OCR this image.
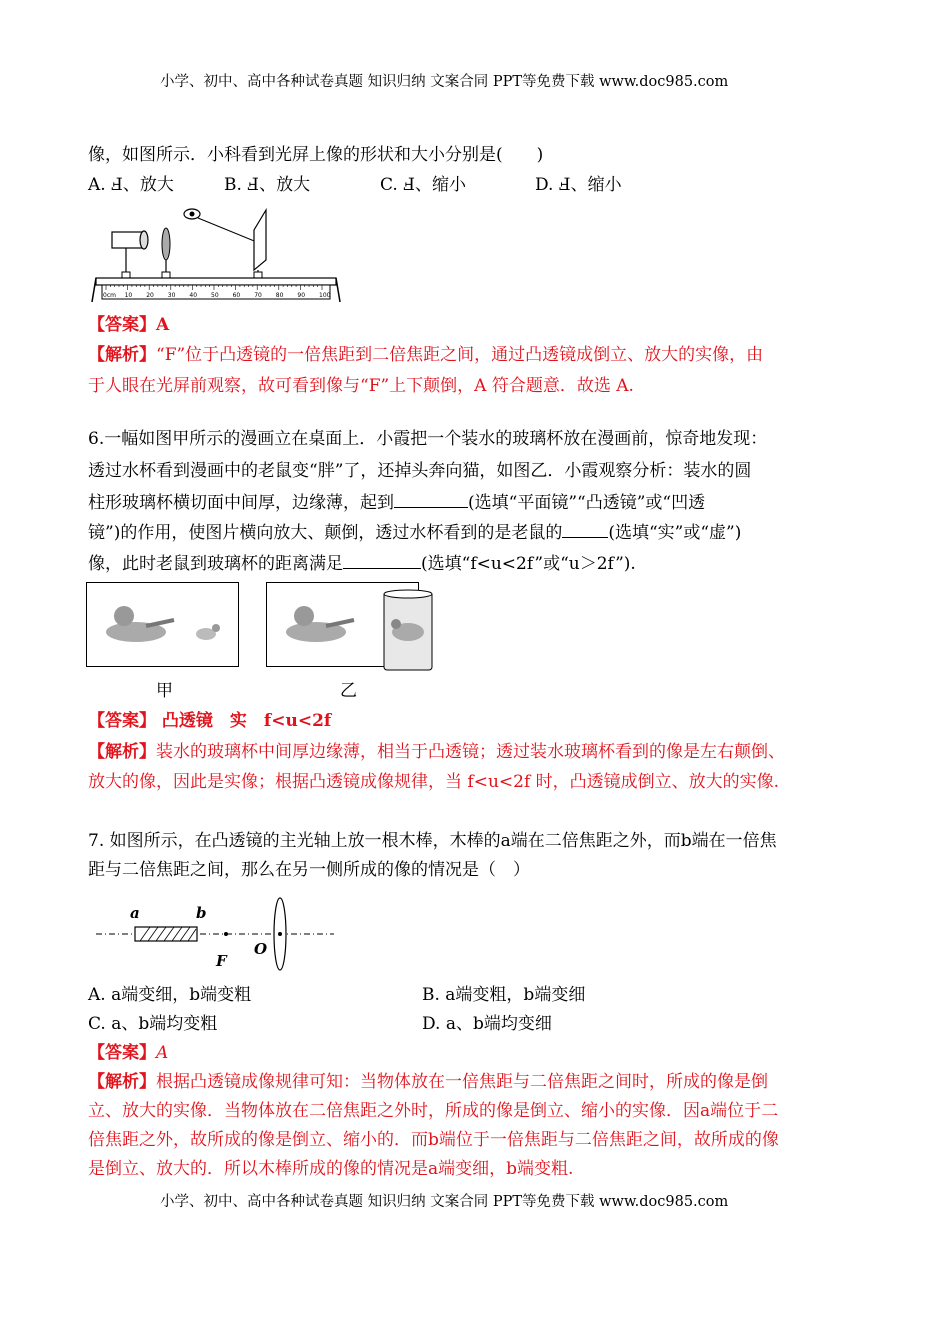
小学、初中、高中各种试卷真题 知识归纳 文案合同 PPT等免费下载 www.doc985.com
像，如图所示．小科看到光屏上像的形状和大小分别是(　　)
A. Ⅎ、放大	B. Ⅎ、放大	C. Ⅎ、缩小	D. Ⅎ、缩小
0cm 10 20 30 40 50 60 70 80 90 100
【答案】A
【解析】“F”位于凸透镜的一倍焦距到二倍焦距之间，通过凸透镜成倒立、放大的实像，由
于人眼在光屏前观察，故可看到像与“F”上下颠倒，A 符合题意．故选 A.
6.一幅如图甲所示的漫画立在桌面上．小霞把一个装水的玻璃杯放在漫画前，惊奇地发现：
透过水杯看到漫画中的老鼠变“胖”了，还掉头奔向猫，如图乙．小霞观察分析：装水的圆
柱形玻璃杯横切面中间厚，边缘薄，起到	(选填“平面镜”“凸透镜”或“凹透
镜”)的作用，使图片横向放大、颠倒，透过水杯看到的是老鼠的	(选填“实”或“虚”)
像，此时老鼠到玻璃杯的距离满足	(选填“f<u<2f”或“u＞2f”).
甲	乙
【答案】 凸透镜　实　f<u<2f
【解析】装水的玻璃杯中间厚边缘薄，相当于凸透镜；透过装水玻璃杯看到的像是左右颠倒、
放大的像，因此是实像；根据凸透镜成像规律，当 f<u<2f 时，凸透镜成倒立、放大的实像.
7. 如图所示，在凸透镜的主光轴上放一根木棒，木棒的a端在二倍焦距之外，而b端在一倍焦
距与二倍焦距之间，那么在另一侧所成的像的情况是（　）
a	b
F
O
A. a端变细，b端变粗	B. a端变粗，b端变细
C. a、b端均变粗	D. a、b端均变细
【答案】A
【解析】根据凸透镜成像规律可知：当物体放在一倍焦距与二倍焦距之间时，所成的像是倒
立、放大的实像．当物体放在二倍焦距之外时，所成的像是倒立、缩小的实像．因a端位于二
倍焦距之外，故所成的像是倒立、缩小的．而b端位于一倍焦距与二倍焦距之间，故所成的像
是倒立、放大的．所以木棒所成的像的情况是a端变细，b端变粗.
小学、初中、高中各种试卷真题 知识归纳 文案合同 PPT等免费下载 www.doc985.com
